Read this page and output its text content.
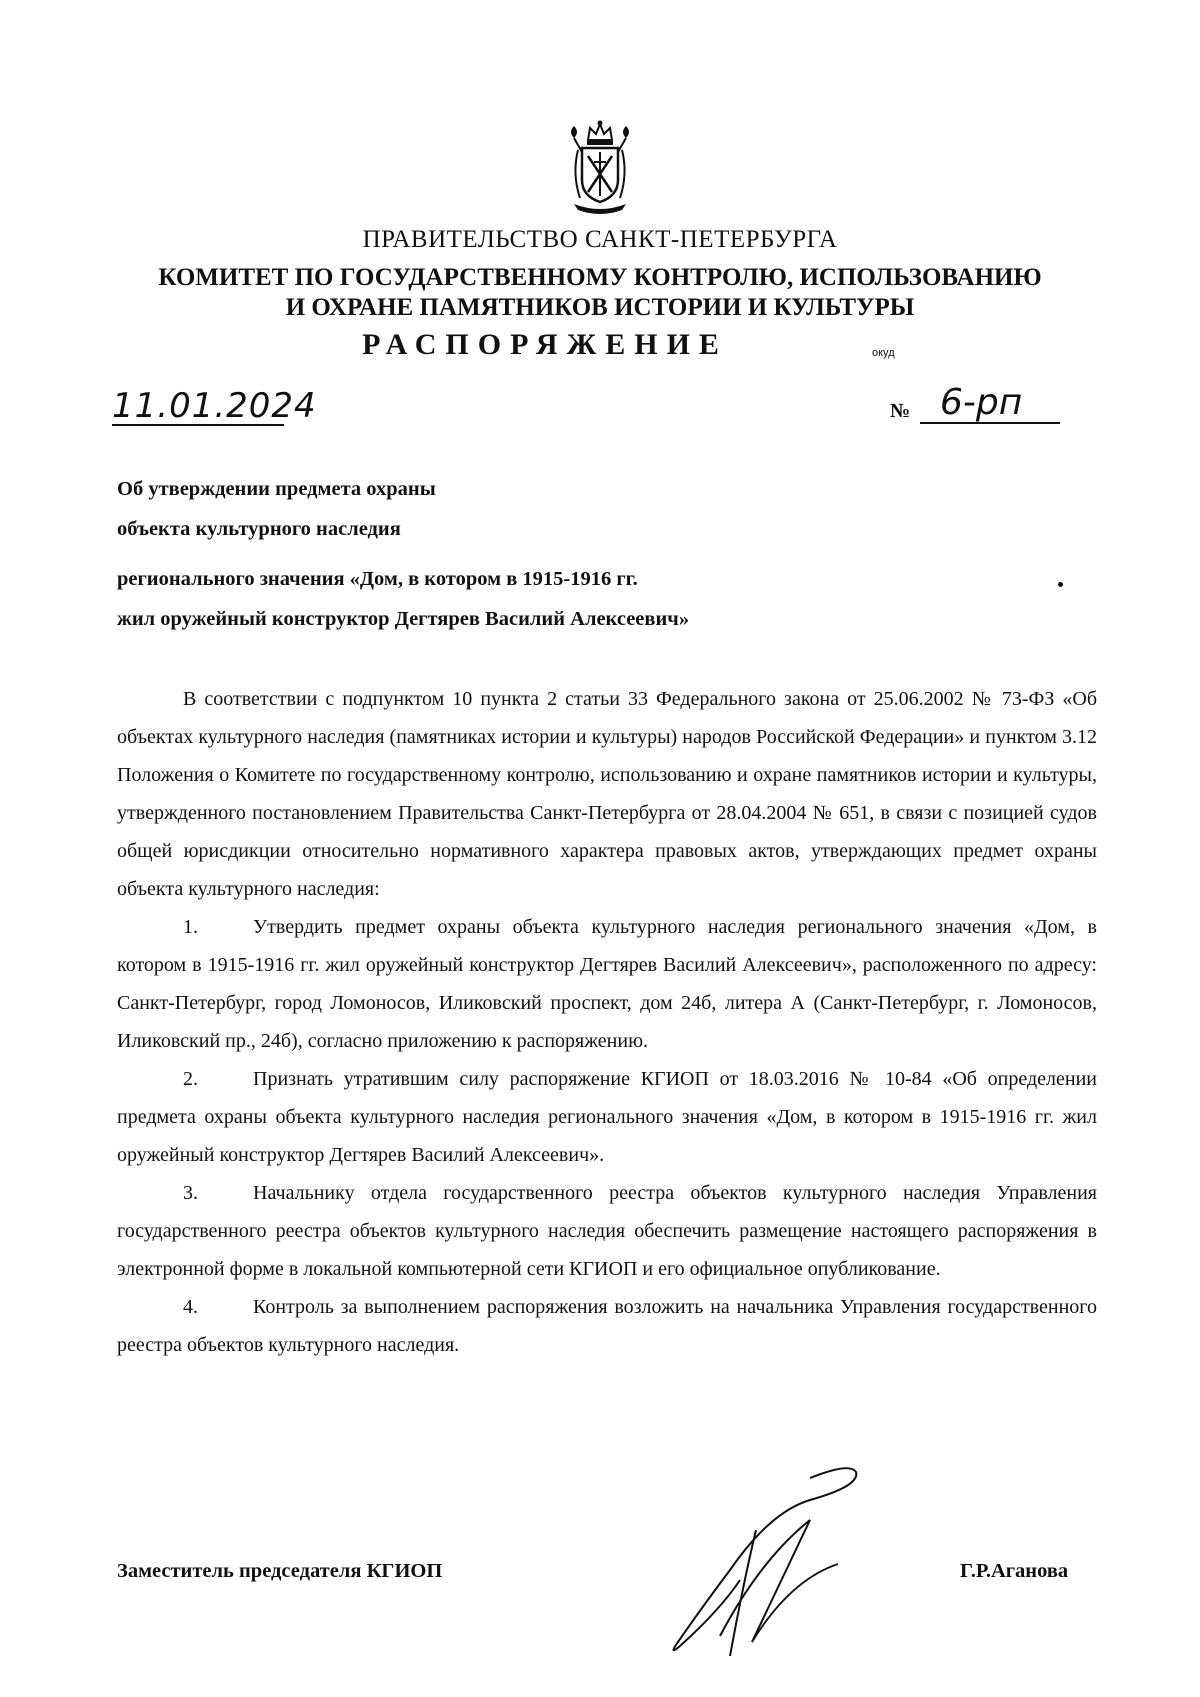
ПРАВИТЕЛЬСТВО САНКТ-ПЕТЕРБУРГА
КОМИТЕТ ПО ГОСУДАРСТВЕННОМУ КОНТРОЛЮ, ИСПОЛЬЗОВАНИЮ
И ОХРАНЕ ПАМЯТНИКОВ ИСТОРИИ И КУЛЬТУРЫ
РАСПОРЯЖЕНИЕ	окуд
11.01.2024	№ 6-рп
Об утверждении предмета охраны
объекта культурного наследия
регионального значения «Дом, в котором в 1915-1916 гг.
жил оружейный конструктор Дегтярев Василий Алексеевич»

В соответствии с подпунктом 10 пункта 2 статьи 33 Федерального закона от 25.06.2002 № 73-ФЗ «Об объектах культурного наследия (памятниках истории и культуры) народов Российской Федерации» и пунктом 3.12 Положения о Комитете по государственному контролю, использованию и охране памятников истории и культуры, утвержденного постановлением Правительства Санкт-Петербурга от 28.04.2004 № 651, в связи с позицией судов общей юрисдикции относительно нормативного характера правовых актов, утверждающих предмет охраны объекта культурного наследия:

1.	Утвердить предмет охраны объекта культурного наследия регионального значения «Дом, в котором в 1915-1916 гг. жил оружейный конструктор Дегтярев Василий Алексеевич», расположенного по адресу: Санкт-Петербург, город Ломоносов, Иликовский проспект, дом 24б, литера А (Санкт-Петербург, г. Ломоносов, Иликовский пр., 24б), согласно приложению к распоряжению.

2.	Признать утратившим силу распоряжение КГИОП от 18.03.2016 № 10-84 «Об определении предмета охраны объекта культурного наследия регионального значения «Дом, в котором в 1915-1916 гг. жил оружейный конструктор Дегтярев Василий Алексеевич».

3.	Начальнику отдела государственного реестра объектов культурного наследия Управления государственного реестра объектов культурного наследия обеспечить размещение настоящего распоряжения в электронной форме в локальной компьютерной сети КГИОП и его официальное опубликование.

4.	Контроль за выполнением распоряжения возложить на начальника Управления государственного реестра объектов культурного наследия.

Заместитель председателя КГИОП	Г.Р.Аганова
